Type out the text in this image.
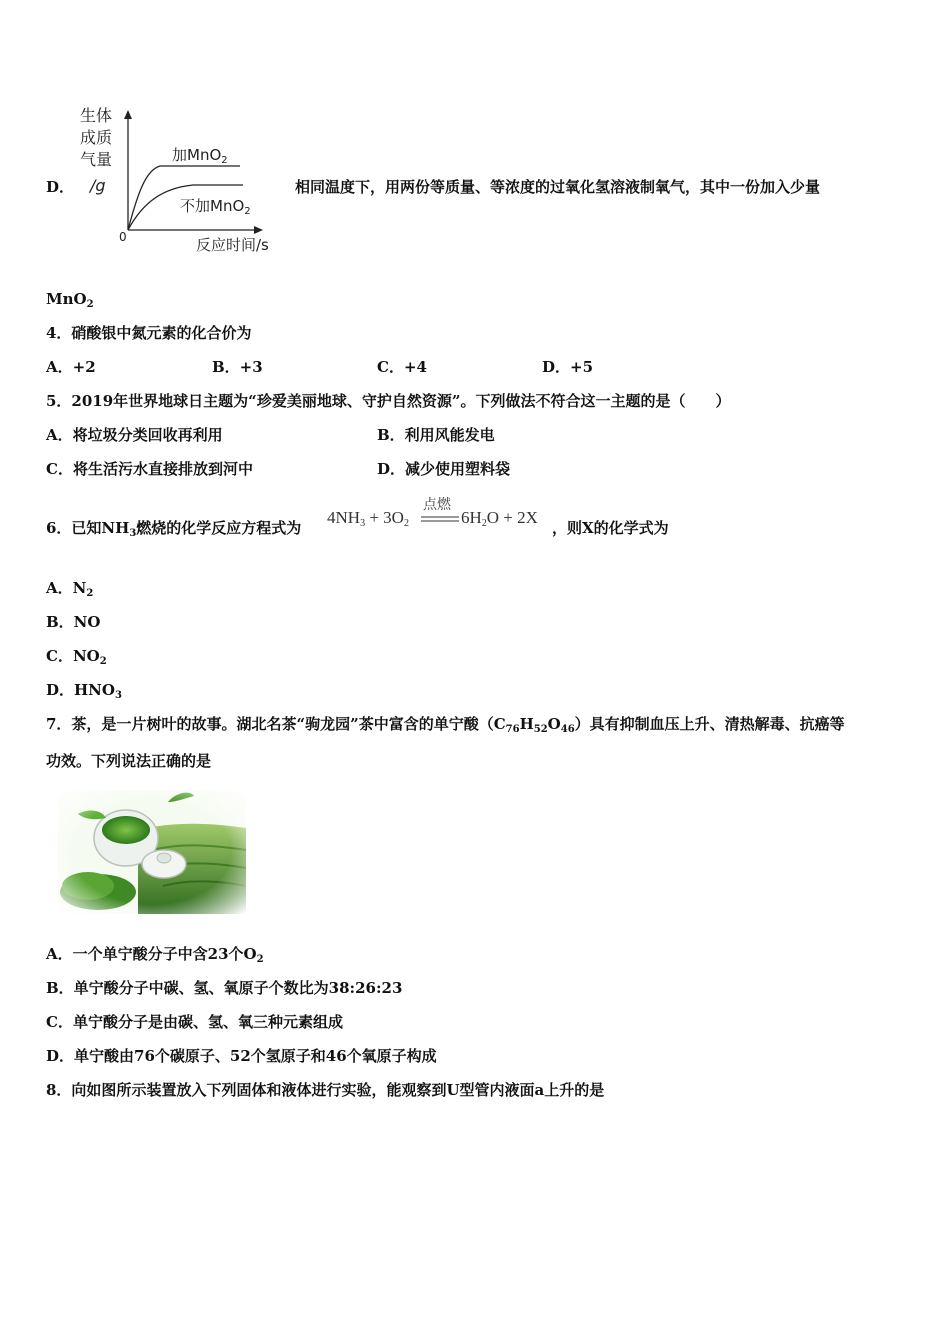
D．
生体
成质
气量
/g
0	反应时间/s
加MnO$_2$
不加MnO$_2$
相同温度下，用两份等质量、等浓度的过氧化氢溶液制氧气，其中一份加入少量
MnO$_2$
4．硝酸银中氮元素的化合价为
A．+2	B．+3	C．+4	D．+5
5．2019年世界地球日主题为“珍爱美丽地球、守护自然资源”。下列做法不符合这一主题的是（　　）
A．将垃圾分类回收再利用	B．利用风能发电
C．将生活污水直接排放到河中	D．减少使用塑料袋
6．已知$NH_3$燃烧的化学反应方程式为
点燃
$4NH_3 + 3O_2$	$6H_2O + 2X$
，则X的化学式为
A．$N_2$
B．NO
C．$NO_2$
D．$HNO_3$
7．茶，是一片树叶的故事。湖北名茶“驹龙园”茶中富含的单宁酸$(C_{76}H_{52}O_{46})$具有抑制血压上升、清热解毒、抗癌等
功效。下列说法正确的是
A．一个单宁酸分子中含23个$O_2$
B．单宁酸分子中碳、氢、氧原子个数比为38:26:23
C．单宁酸分子是由碳、氢、氧三种元素组成
D．单宁酸由76个碳原子、52个氢原子和46个氧原子构成
8．向如图所示装置放入下列固体和液体进行实验，能观察到U型管内液面a上升的是
